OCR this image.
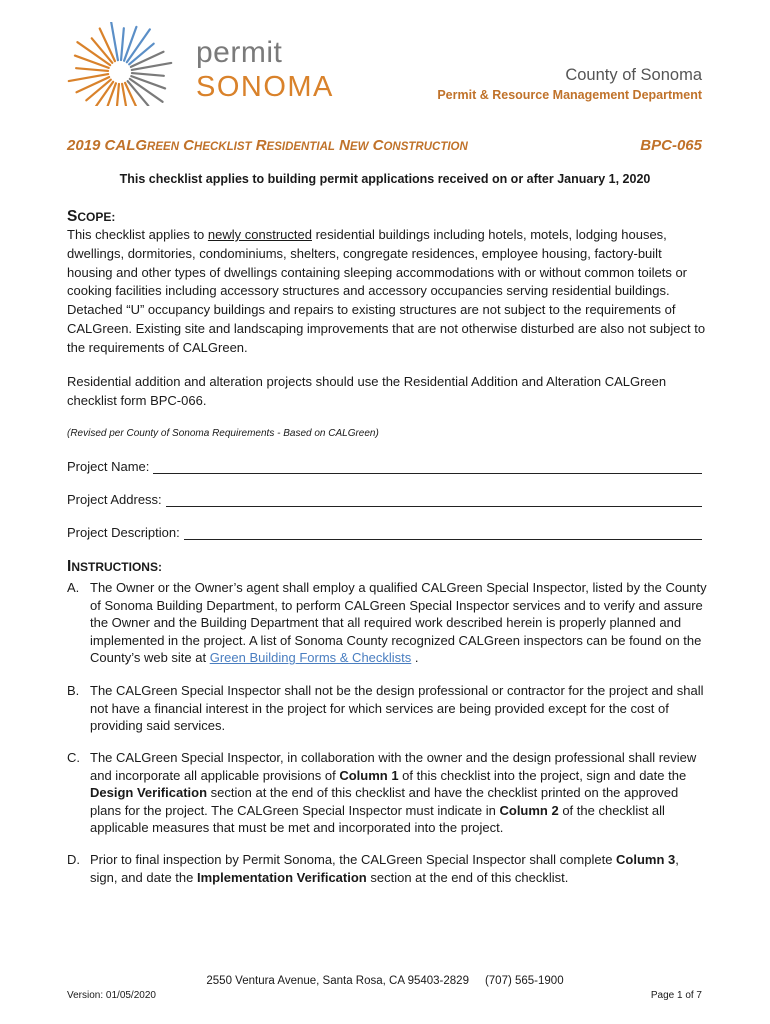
permit
SONOMA	County of Sonoma
Permit & Resource Management Department
2019 CALGREEN CHECKLIST RESIDENTIAL NEW CONSTRUCTION	BPC-065
This checklist applies to building permit applications received on or after January 1, 2020
SCOPE:
This checklist applies to newly constructed residential buildings including hotels, motels, lodging houses, dwellings, dormitories, condominiums, shelters, congregate residences, employee housing, factory-built housing and other types of dwellings containing sleeping accommodations with or without common toilets or cooking facilities including accessory structures and accessory occupancies serving residential buildings. Detached “U” occupancy buildings and repairs to existing structures are not subject to the requirements of CALGreen. Existing site and landscaping improvements that are not otherwise disturbed are also not subject to the requirements of CALGreen.
Residential addition and alteration projects should use the Residential Addition and Alteration CALGreen checklist form BPC-066.
(Revised per County of Sonoma Requirements - Based on CALGreen)
Project Name:
Project Address:
Project Description:
INSTRUCTIONS:
A. The Owner or the Owner’s agent shall employ a qualified CALGreen Special Inspector, listed by the County of Sonoma Building Department, to perform CALGreen Special Inspector services and to verify and assure the Owner and the Building Department that all required work described herein is properly planned and implemented in the project. A list of Sonoma County recognized CALGreen inspectors can be found on the County’s web site at Green Building Forms & Checklists .
B. The CALGreen Special Inspector shall not be the design professional or contractor for the project and shall not have a financial interest in the project for which services are being provided except for the cost of providing said services.
C. The CALGreen Special Inspector, in collaboration with the owner and the design professional shall review and incorporate all applicable provisions of Column 1 of this checklist into the project, sign and date the Design Verification section at the end of this checklist and have the checklist printed on the approved plans for the project. The CALGreen Special Inspector must indicate in Column 2 of the checklist all applicable measures that must be met and incorporated into the project.
D. Prior to final inspection by Permit Sonoma, the CALGreen Special Inspector shall complete Column 3, sign, and date the Implementation Verification section at the end of this checklist.
2550 Ventura Avenue, Santa Rosa, CA 95403-2829     (707) 565-1900
Version: 01/05/2020	Page 1 of 7
